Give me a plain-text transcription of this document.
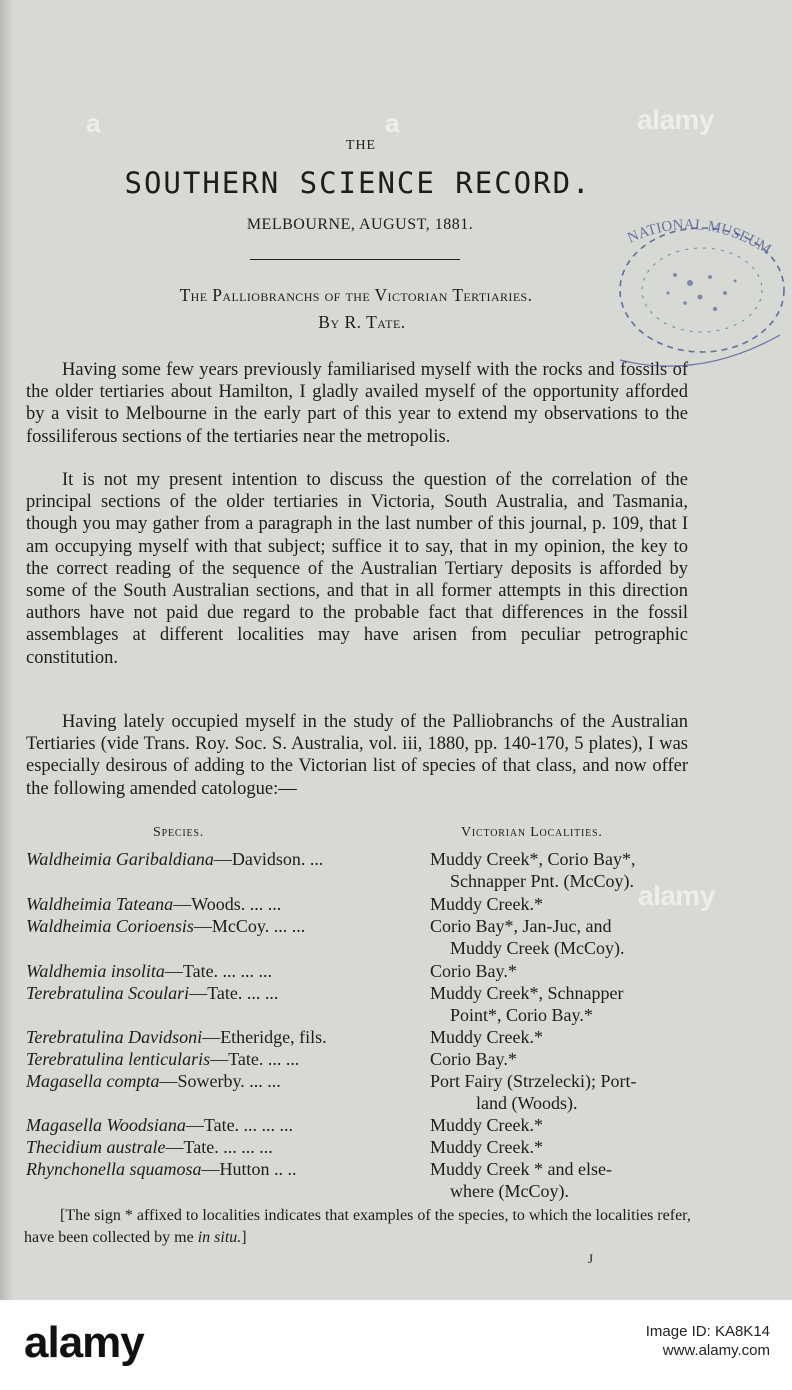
THE
SOUTHERN SCIENCE RECORD.
MELBOURNE, AUGUST, 1881.
The Palliobranchs of the Victorian Tertiaries.
By R. Tate.

Having some few years previously familiarised myself with the rocks and fossils of the older tertiaries about Hamilton, I gladly availed myself of the opportunity afforded by a visit to Melbourne in the early part of this year to extend my observations to the fossiliferous sections of the tertiaries near the metropolis.

It is not my present intention to discuss the question of the correlation of the principal sections of the older tertiaries in Victoria, South Australia, and Tasmania, though you may gather from a paragraph in the last number of this journal, p. 109, that I am occupying myself with that subject; suffice it to say, that in my opinion, the key to the correct reading of the sequence of the Australian Tertiary deposits is afforded by some of the South Australian sections, and that in all former attempts in this direction authors have not paid due regard to the probable fact that differences in the fossil assemblages at different localities may have arisen from peculiar petrographic constitution.

Having lately occupied myself in the study of the Palliobranchs of the Australian Tertiaries (vide Trans. Roy. Soc. S. Australia, vol. iii, 1880, pp. 140-170, 5 plates), I was especially desirous of adding to the Victorian list of species of that class, and now offer the following amended catologue:—

Species.	Victorian Localities.
Waldheimia Garibaldiana—Davidson. ...	Muddy Creek*, Corio Bay*,
Schnapper Pnt. (McCoy).
Waldheimia Tateana—Woods. ... ...	Muddy Creek.*
Waldheimia Corioensis—McCoy. ... ...	Corio Bay*, Jan-Juc, and
Muddy Creek (McCoy).
Waldhemia insolita—Tate. ... ... ...	Corio Bay.*
Terebratulina Scoulari—Tate. ... ...	Muddy Creek*, Schnapper
Point*, Corio Bay.*
Terebratulina Davidsoni—Etheridge, fils.	Muddy Creek.*
Terebratulina lenticularis—Tate. ... ...	Corio Bay.*
Magasella compta—Sowerby. ... ...	Port Fairy (Strzelecki); Port-
land (Woods).
Magasella Woodsiana—Tate. ... ... ...	Muddy Creek.*
Thecidium australe—Tate. ... ... ...	Muddy Creek.*
Rhynchonella squamosa—Hutton .. ..	Muddy Creek * and else-
where (McCoy).
[The sign * affixed to localities indicates that examples of the species, to which the localities refer, have been collected by me in situ.]
J
NATIONAL MUSEUM
alamy
alamy
a	a
alamy	Image ID: KA8K14
www.alamy.com
